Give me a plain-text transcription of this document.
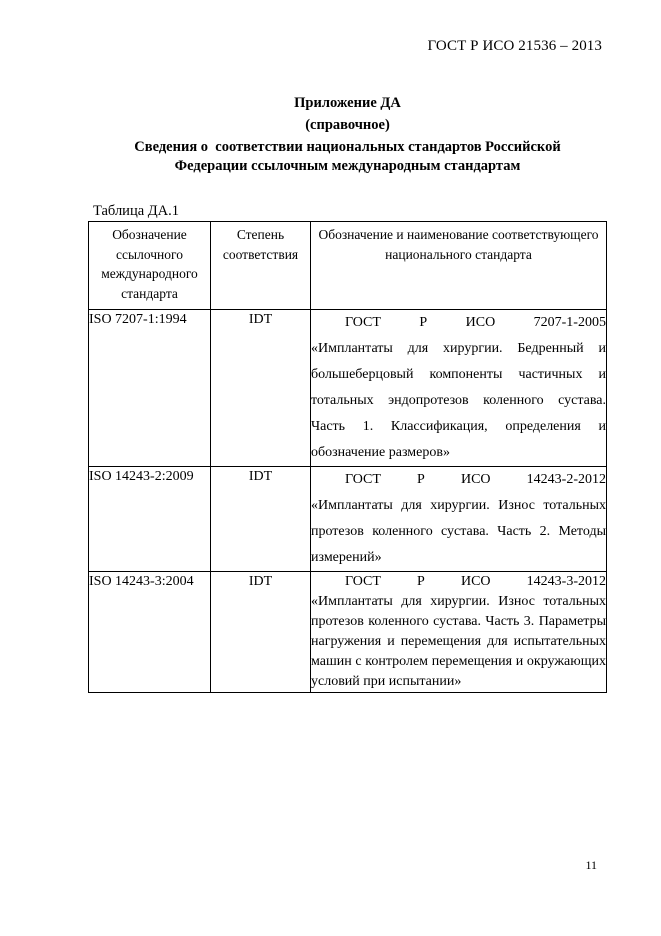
ГОСТ Р ИСО 21536 – 2013
Приложение ДА
(справочное)
Сведения о  соответствии национальных стандартов Российской
Федерации ссылочным международным стандартам
Таблица ДА.1
Обозначение ссылочного международного стандарта	Степень соответствия	Обозначение и наименование соответствующего национального стандарта
ISO 7207-1:1994	IDT	ГОСТ Р ИСО 7207-1-2005
«Имплантаты для хирургии. Бедренный и большеберцовый компоненты частичных и тотальных эндопротезов коленного сустава. Часть 1. Классификация, определения и обозначение размеров»

ISO 14243-2:2009	IDT	ГОСТ Р ИСО 14243-2-2012
«Имплантаты для хирургии. Износ тотальных протезов коленного сустава. Часть 2. Методы измерений»

ISO 14243-3:2004	IDT	ГОСТ Р ИСО 14243-3-2012
«Имплантаты для хирургии. Износ тотальных протезов коленного сустава. Часть 3. Параметры нагружения и перемещения для испытательных машин с контролем перемещения и окружающих условий при испытании»
11
